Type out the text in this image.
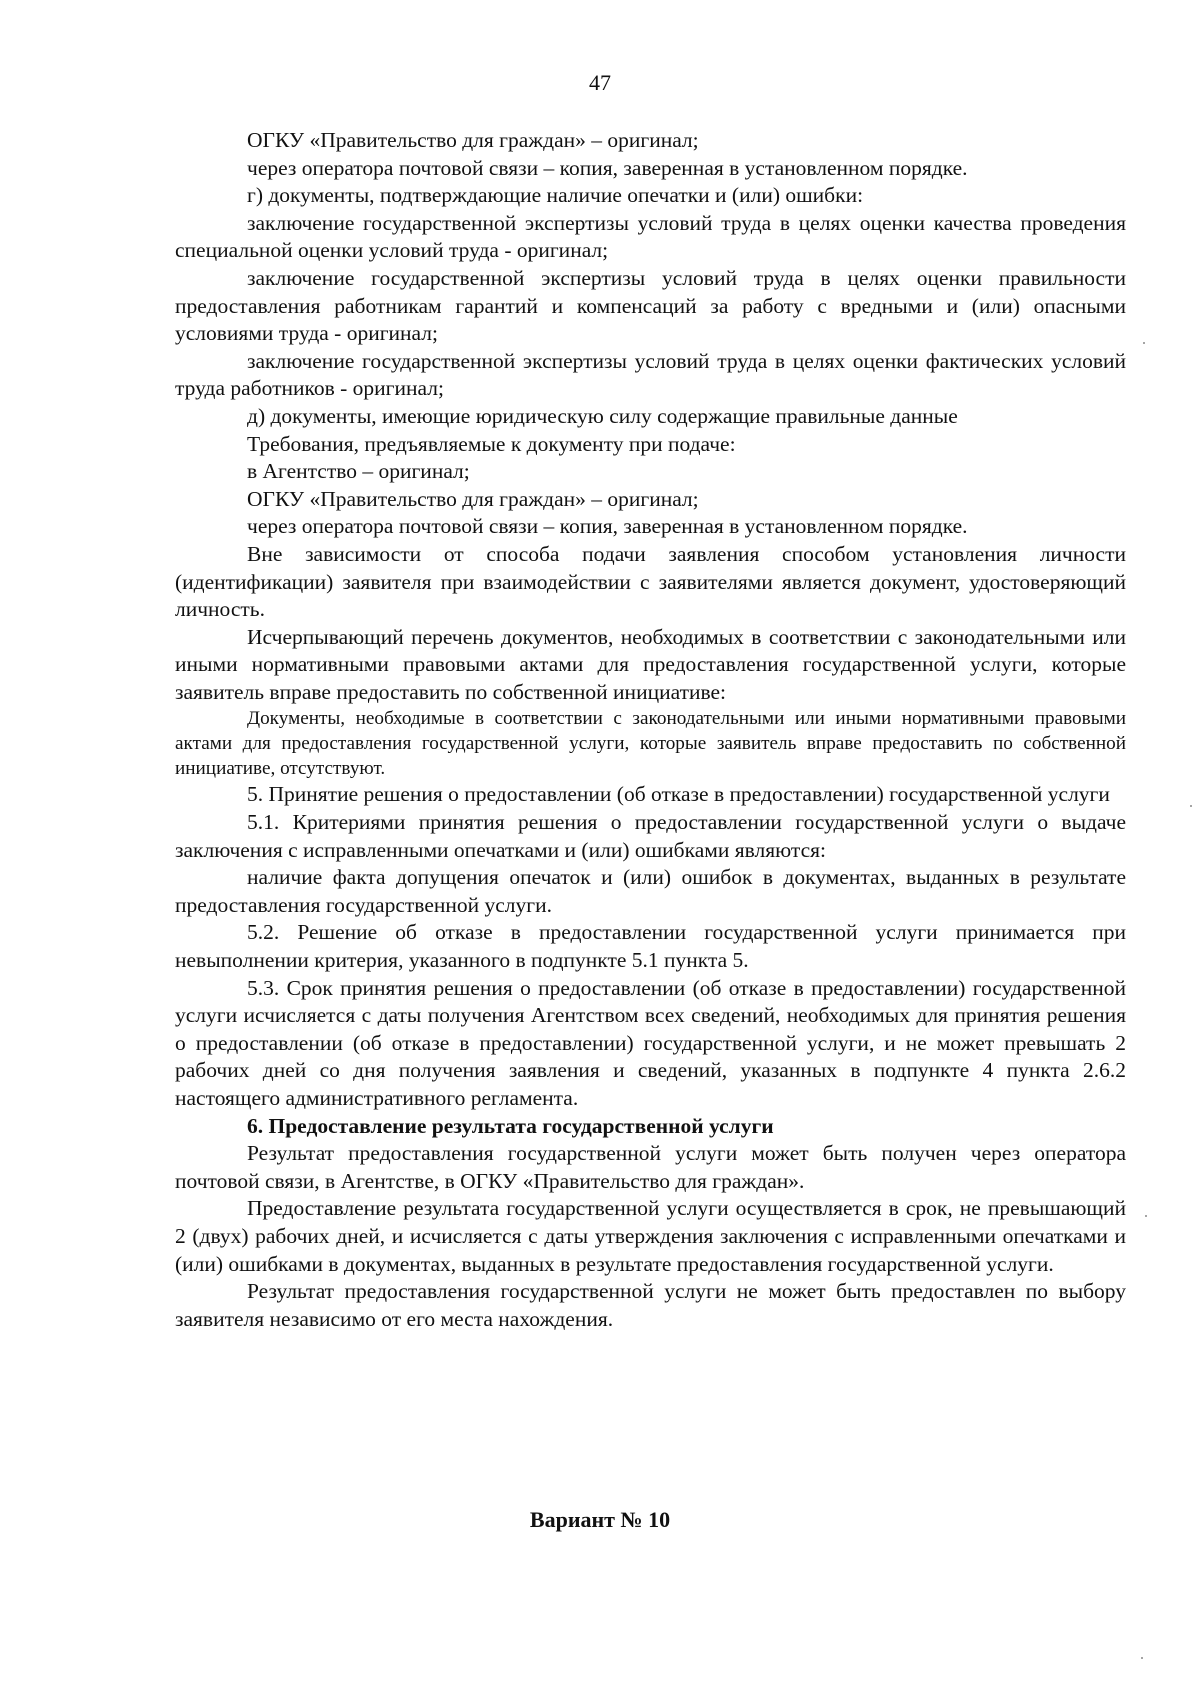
47

ОГКУ «Правительство для граждан» – оригинал;

через оператора почтовой связи – копия, заверенная в установленном порядке.

г) документы, подтверждающие наличие опечатки и (или) ошибки:

заключение государственной экспертизы условий труда в целях оценки качества проведения специальной оценки условий труда - оригинал;

заключение государственной экспертизы условий труда в целях оценки правильности предоставления работникам гарантий и компенсаций за работу с вредными и (или) опасными условиями труда - оригинал;

заключение государственной экспертизы условий труда в целях оценки фактических условий труда работников - оригинал;

д) документы, имеющие юридическую силу содержащие правильные данные

Требования, предъявляемые к документу при подаче:

в Агентство – оригинал;

ОГКУ «Правительство для граждан» – оригинал;

через оператора почтовой связи – копия, заверенная в установленном порядке.

Вне зависимости от способа подачи заявления способом установления личности (идентификации) заявителя при взаимодействии с заявителями является документ, удостоверяющий личность.

Исчерпывающий перечень документов, необходимых в соответствии с законодательными или иными нормативными правовыми актами для предоставления государственной услуги, которые заявитель вправе предоставить по собственной инициативе:

Документы, необходимые в соответствии с законодательными или иными нормативными правовыми актами для предоставления государственной услуги, которые заявитель вправе предоставить по собственной инициативе, отсутствуют.

5. Принятие решения о предоставлении (об отказе в предоставлении) государственной услуги

5.1. Критериями принятия решения о предоставлении государственной услуги о выдаче заключения с исправленными опечатками и (или) ошибками являются:

наличие факта допущения опечаток и (или) ошибок в документах, выданных в результате предоставления государственной услуги.

5.2. Решение об отказе в предоставлении государственной услуги принимается при невыполнении критерия, указанного в подпункте 5.1 пункта 5.

5.3. Срок принятия решения о предоставлении (об отказе в предоставлении) государственной услуги исчисляется с даты получения Агентством всех сведений, необходимых для принятия решения о предоставлении (об отказе в предоставлении) государственной услуги, и не может превышать 2 рабочих дней со дня получения заявления и сведений, указанных в подпункте 4 пункта 2.6.2 настоящего административного регламента.

6. Предоставление результата государственной услуги

Результат предоставления государственной услуги может быть получен через оператора почтовой связи, в Агентстве, в ОГКУ «Правительство для граждан».

Предоставление результата государственной услуги осуществляется в срок, не превышающий 2 (двух) рабочих дней, и исчисляется с даты утверждения заключения с исправленными опечатками и (или) ошибками в документах, выданных в результате предоставления государственной услуги.

Результат предоставления государственной услуги не может быть предоставлен по выбору заявителя независимо от его места нахождения.

Вариант № 10
